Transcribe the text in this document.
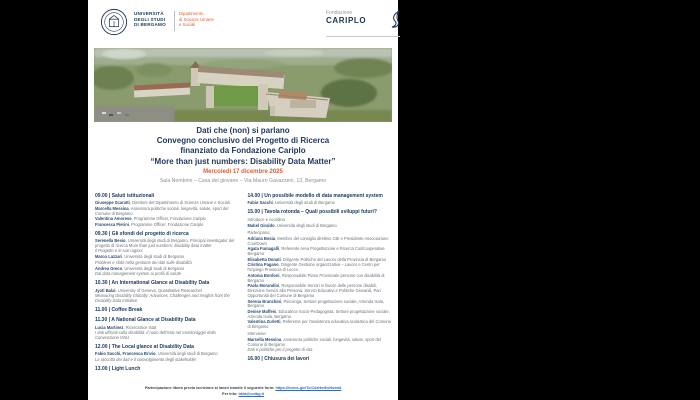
UNIVERSITÀ
DEGLI STUDI
DI BERGAMO
Dipartimento
di Scienze Umane
e Sociali
Fondazione
CARIPLO
Dati che (non) si parlano
Convegno conclusivo del Progetto di Ricerca
finanziato da Fondazione Cariplo
“More than just numbers: Disability Data Matter”
Mercoledì 17 dicembre 2025
Sala Nembrini – Casa del giovane – Via Mauro Gavazzeni, 13, Bergamo
09.00 | Saluti istituzionali
Giuseppe Scaratti, Direttore del Dipartimento di Scienze Umane e Sociali
Marcella Messina, Assessora politiche sociali, longevità, salute, sport del Comune di Bergamo
Valentina Amorese, Programme Officer, Fondazione Cariplo
Francesca Pierini, Programme Officer, Fondazione Cariplo
09.30 | Gli sfondi del progetto di ricerca
Serenella Besio, Università degli studi di Bergamo, Principal investigator del progetto di ricerca More than just numbers: disability data matter
Il Progetto e le sue ragioni
Marco Lazzari, Università degli studi di Bergamo
Problemi e sfide nella gestione dei dati sulle disabilità
Andrea Greco, Università degli studi di Bergamo
Dal data management system ai profili di salute
10.30 | An International Glance at Disability Data
Jyoti Balai, University of Geneva, Quantitative Researcher
Measuring Disability Globally: Advances, Challenges and Insights from the Disability Data Initiative
11.00 | Coffee Break
11.30 | A National Glance at Disability Data
Lucia Martinez, Ricercatrice Istat
I dati ufficiali sulla disabilità: il ruolo dell'Istat nel monitoraggio della Convenzione ONU
12.00 | The Local glance at Disability Data
Fabio Sacchi, Francesca Brivio, Università degli studi di Bergamo
La raccolta dei dati e il coinvolgimento degli stakeholder
13.00 | Light Lunch
14.00 | Un possibile modello di data management system
Fabio Sacchi, Università degli studi di Bergamo
15.00 | Tavola rotonda – Quali possibili sviluppi futuri?
Introduce e coordina
Mabel Giraldo, Università degli studi di Bergamo
Partecipano:
Adriana Bosia, Membro del consiglio direttivo CBI e Presidente Associazione CoorDown
Agata Fumagalli, Referente Area Progettazione e Ricerca Confcooperative Bergamo
Elisabetta Donati, Dirigente Politiche del Lavoro della Provincia di Bergamo
Cristina Pagano, Dirigente Gestione organizzativa – Lavoro e Centri per l'impiego Provincia di Lecco
Antonia Bordoni, Responsabile Piano Provinciale persone con disabilità di Bergamo
Paola Morandini, Responsabile Servizi in favore delle persone disabili, Direzione Servizi alla Persona, Servizi Educativi e Politiche Giovanili, Pari Opportunità del Comune di Bergamo
Serena Branchini, Psicologa, Settore progettazione sociale, Azienda Isola, Bergamo
Denise Maffeis, Educatrice Socio-Pedagogista, Settore progettazione sociale, Azienda Isola, Bergamo
Valentina Zurletti, Referente per l'assistenza educativa scolastica del Comune di Bergamo
Interviene:
Marcella Messina, Assessora politiche sociali, longevità, salute, sport del Comune di Bergamo
Dati e politiche per il progetto di vita
16.00 | Chiusura dei lavori
Partecipazione libera previa iscrizione ai lavori tramite il seguente form: https://forms.gle/TciCdzHmEoNszw8
Per info: tdda@unibg.it
